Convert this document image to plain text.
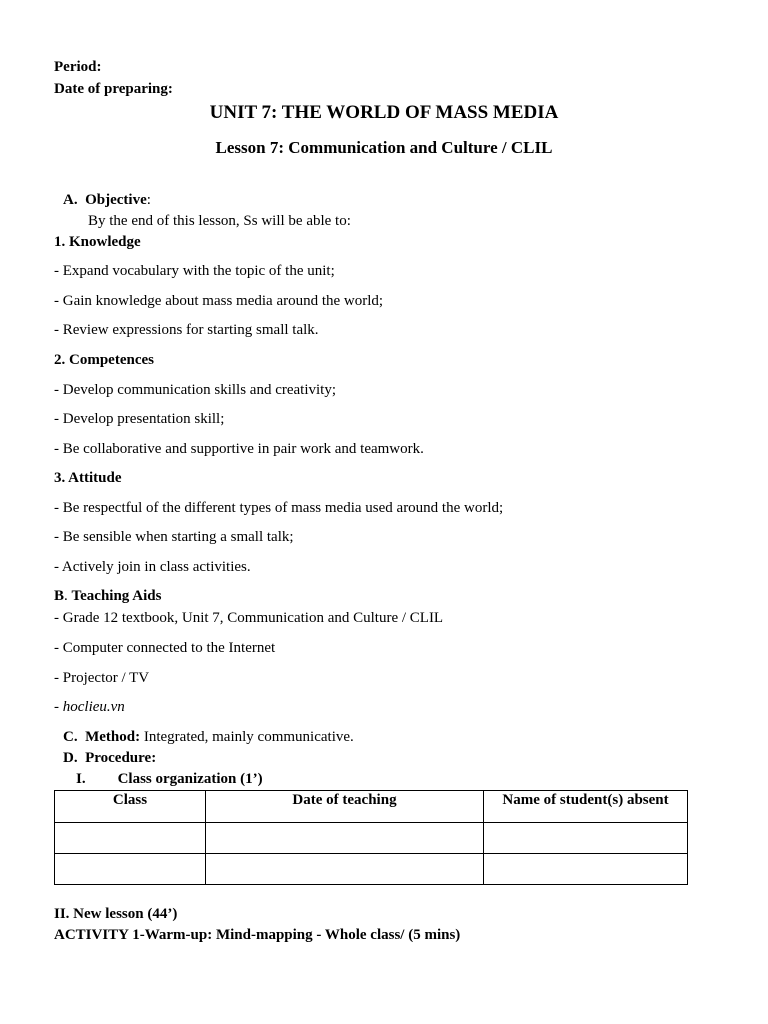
Period:
Date of preparing:
UNIT 7: THE WORLD OF MASS MEDIA
Lesson 7: Communication and Culture / CLIL
A. Objective:
By the end of this lesson, Ss will be able to:
1. Knowledge
- Expand vocabulary with the topic of the unit;
- Gain knowledge about mass media around the world;
- Review expressions for starting small talk.
2. Competences
- Develop communication skills and creativity;
- Develop presentation skill;
- Be collaborative and supportive in pair work and teamwork.
3. Attitude
- Be respectful of the different types of mass media used around the world;
- Be sensible when starting a small talk;
- Actively join in class activities.
B. Teaching Aids
- Grade 12 textbook, Unit 7, Communication and Culture / CLIL
- Computer connected to the Internet
- Projector / TV
- hoclieu.vn
C. Method: Integrated, mainly communicative.
D. Procedure:
I. Class organization (1’)
Class	Date of teaching	Name of student(s) absent

II. New lesson (44’)
ACTIVITY 1-Warm-up: Mind-mapping - Whole class/ (5 mins)
